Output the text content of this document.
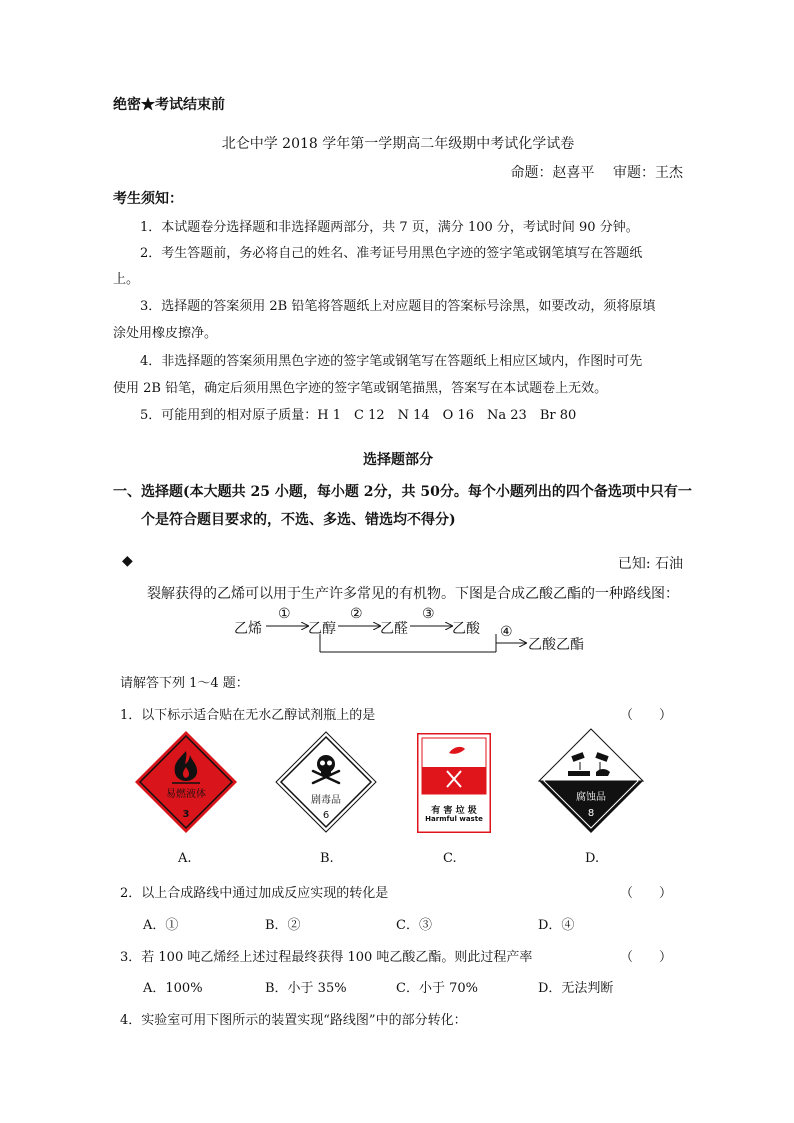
绝密★考试结束前
北仑中学 2018 学年第一学期高二年级期中考试化学试卷
命题：赵喜平　 审题：王杰
考生须知：
1．本试题卷分选择题和非选择题两部分，共 7 页，满分 100 分，考试时间 90 分钟。
2．考生答题前，务必将自己的姓名、准考证号用黑色字迹的签字笔或钢笔填写在答题纸
上。
3．选择题的答案须用 2B 铅笔将答题纸上对应题目的答案标号涂黑，如要改动，须将原填
涂处用橡皮擦净。
4．非选择题的答案须用黑色字迹的签字笔或钢笔写在答题纸上相应区域内，作图时可先
使用 2B 铅笔，确定后须用黑色字迹的签字笔或钢笔描黑，答案写在本试题卷上无效。
5．可能用到的相对原子质量：H 1　C 12　N 14　O 16　Na 23　Br 80
选择题部分
一、选择题(本大题共 25 小题，每小题 2分，共 50分。每个小题列出的四个备选项中只有一
个是符合题目要求的，不选、多选、错选均不得分)
◆	已知: 石油
裂解获得的乙烯可以用于生产许多常见的有机物。下图是合成乙酸乙酯的一种路线图：
乙烯
①
乙醇
②
乙醛
③
乙酸 ④
乙酸乙酯
请解答下列 1～4 题：
1．以下标示适合贴在无水乙醇试剂瓶上的是	（　　）
易燃液体
3
剧毒品
6	有 害 垃 圾
Harmful waste
腐蚀品
8
A.	B.	C.	D.
2．以上合成路线中通过加成反应实现的转化是	（　　）
A．①	B．②	C．③	D．④
3．若 100 吨乙烯经上述过程最终获得 100 吨乙酸乙酯。则此过程产率	（　　）
A．100%	B．小于 35%	C．小于 70%	D．无法判断
4．实验室可用下图所示的装置实现“路线图”中的部分转化：
